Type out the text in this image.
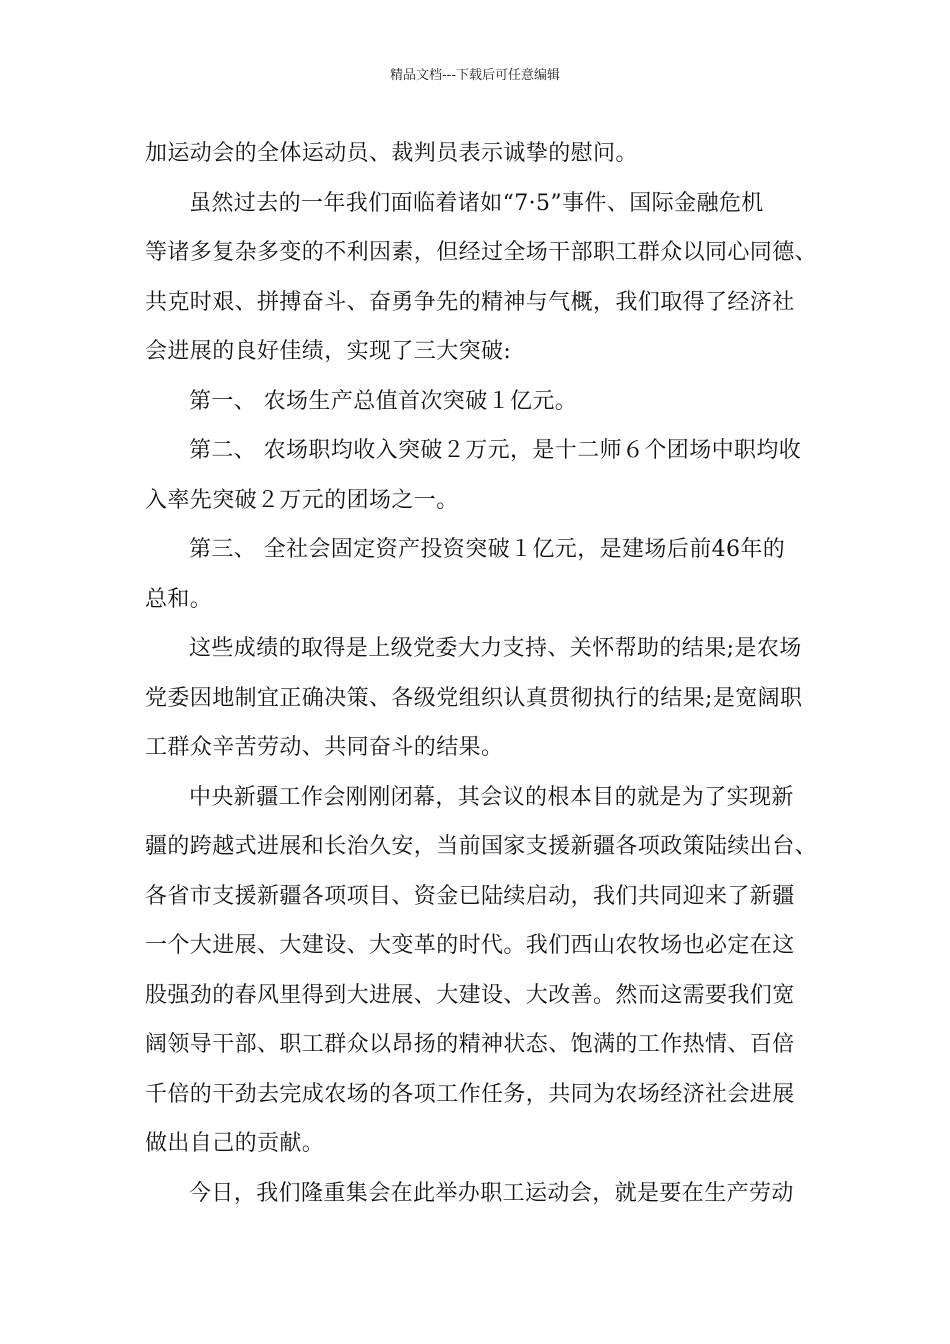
精品文档---下载后可任意编辑
加运动会的全体运动员、裁判员表示诚挚的慰问。
虽然过去的一年我们面临着诸如“7·5”事件、国际金融危机
等诸多复杂多变的不利因素，但经过全场干部职工群众以同心同德、
共克时艰、拼搏奋斗、奋勇争先的精神与气概，我们取得了经济社
会进展的良好佳绩，实现了三大突破:
第一、 农场生产总值首次突破１亿元。
第二、 农场职均收入突破２万元，是十二师６个团场中职均收
入率先突破２万元的团场之一。
第三、 全社会固定资产投资突破１亿元，是建场后前46年的
总和。
这些成绩的取得是上级党委大力支持、关怀帮助的结果;是农场
党委因地制宜正确决策、各级党组织认真贯彻执行的结果;是宽阔职
工群众辛苦劳动、共同奋斗的结果。
中央新疆工作会刚刚闭幕，其会议的根本目的就是为了实现新
疆的跨越式进展和长治久安，当前国家支援新疆各项政策陆续出台、
各省市支援新疆各项项目、资金已陆续启动，我们共同迎来了新疆
一个大进展、大建设、大变革的时代。我们西山农牧场也必定在这
股强劲的春风里得到大进展、大建设、大改善。然而这需要我们宽
阔领导干部、职工群众以昂扬的精神状态、饱满的工作热情、百倍
千倍的干劲去完成农场的各项工作任务，共同为农场经济社会进展
做出自己的贡献。
今日，我们隆重集会在此举办职工运动会，就是要在生产劳动
